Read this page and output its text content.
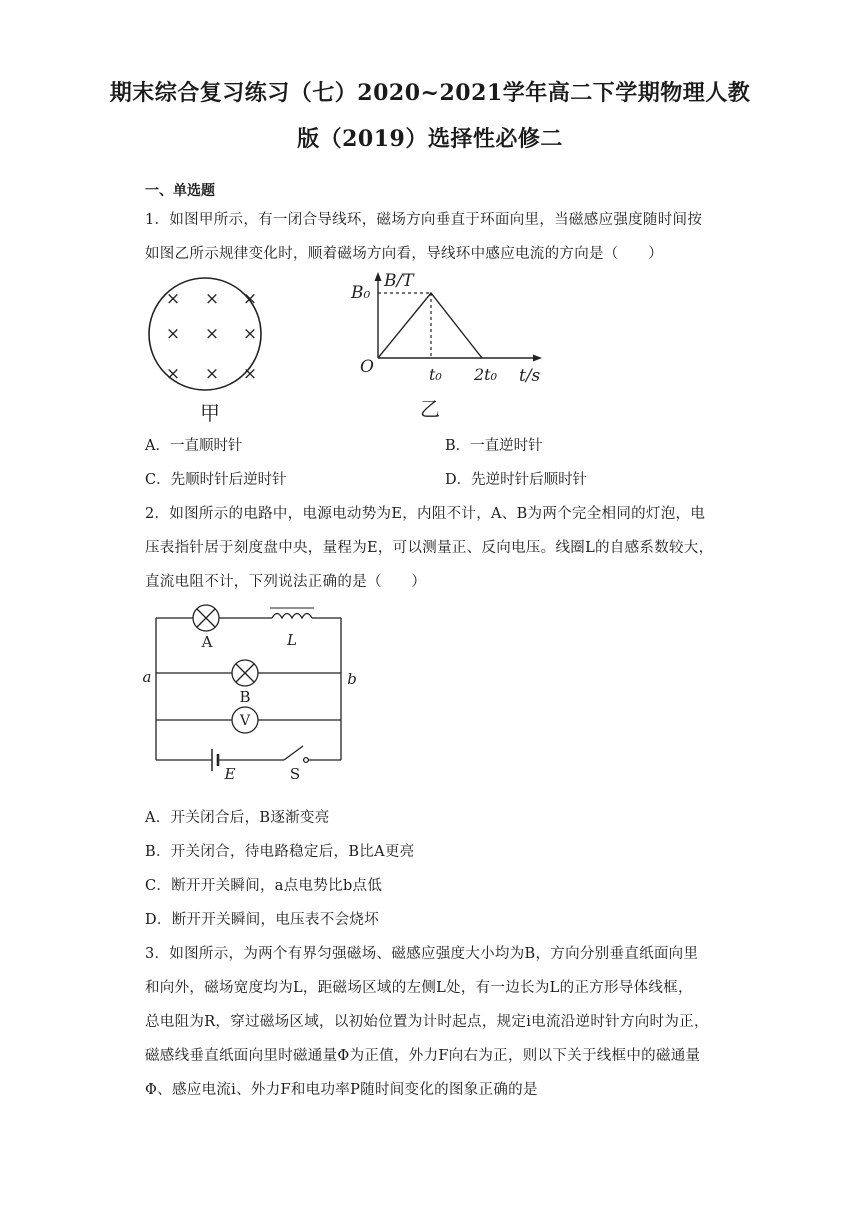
期末综合复习练习（七）2020~2021学年高二下学期物理人教
版（2019）选择性必修二
一、单选题
1．如图甲所示，有一闭合导线环，磁场方向垂直于环面向里，当磁感应强度随时间按
如图乙所示规律变化时，顺着磁场方向看，导线环中感应电流的方向是（　　）
× × ×
× × ×
× × ×
甲
B/T
B₀
O	t₀ 2t₀ t/s
乙
A．一直顺时针	B．一直逆时针
C．先顺时针后逆时针	D．先逆时针后顺时针
2．如图所示的电路中，电源电动势为E，内阻不计，A、B为两个完全相同的灯泡，电
压表指针居于刻度盘中央，量程为E，可以测量正、反向电压。线圈L的自感系数较大，
直流电阻不计，下列说法正确的是（　　）
A	L
B
a	b
V
E	S
A．开关闭合后，B逐渐变亮
B．开关闭合，待电路稳定后，B比A更亮
C．断开开关瞬间，a点电势比b点低
D．断开开关瞬间，电压表不会烧坏
3．如图所示，为两个有界匀强磁场、磁感应强度大小均为B，方向分别垂直纸面向里
和向外，磁场宽度均为L，距磁场区域的左侧L处，有一边长为L的正方形导体线框，
总电阻为R，穿过磁场区域，以初始位置为计时起点，规定i电流沿逆时针方向时为正，
磁感线垂直纸面向里时磁通量Φ为正值，外力F向右为正，则以下关于线框中的磁通量
Φ、感应电流i、外力F和电功率P随时间变化的图象正确的是
